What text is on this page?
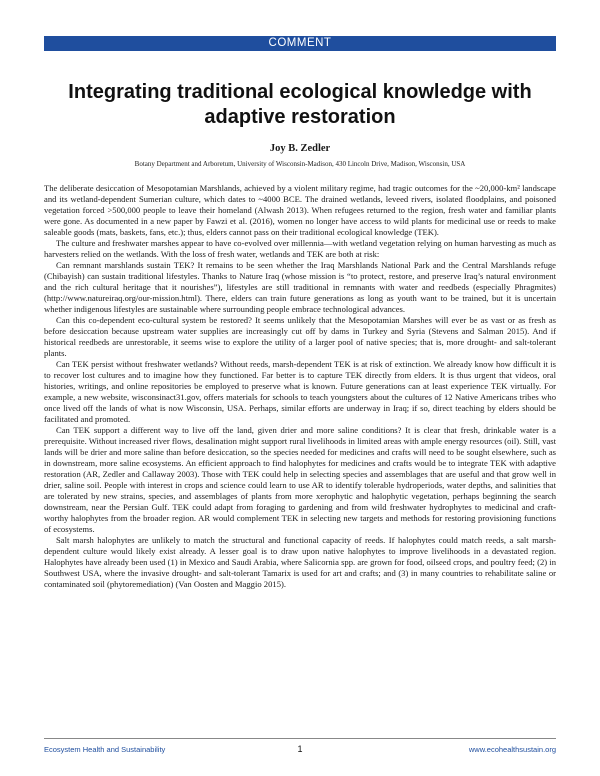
COMMENT
Integrating traditional ecological knowledge with adaptive restoration
Joy B. Zedler
Botany Department and Arboretum, University of Wisconsin-Madison, 430 Lincoln Drive, Madison, Wisconsin, USA

The deliberate desiccation of Mesopotamian Marshlands, achieved by a violent military regime, had tragic outcomes for the ~20,000-km² landscape and its wetland-dependent Sumerian culture, which dates to ~4000 BCE. The drained wetlands, leveed rivers, isolated floodplains, and poisoned vegetation forced >500,000 people to leave their homeland (Alwash 2013). When refugees returned to the region, fresh water and familiar plants were gone. As documented in a new paper by Fawzi et al. (2016), women no longer have access to wild plants for medicinal use or reeds to make saleable goods (mats, baskets, fans, etc.); thus, elders cannot pass on their traditional ecological knowledge (TEK).

The culture and freshwater marshes appear to have co-evolved over millennia—with wetland vegetation relying on human harvesting as much as harvesters relied on the wetlands. With the loss of fresh water, wetlands and TEK are both at risk:

Can remnant marshlands sustain TEK? It remains to be seen whether the Iraq Marshlands National Park and the Central Marshlands refuge (Chibayish) can sustain traditional lifestyles. Thanks to Nature Iraq (whose mission is “to protect, restore, and preserve Iraq’s natural environment and the rich cultural heritage that it nourishes”), lifestyles are still traditional in remnants with water and reedbeds (especially Phragmites) (http://www.natureiraq.org/our-mission.html). There, elders can train future generations as long as youth want to be trained, but it is uncertain whether indigenous lifestyles are sustainable where surrounding people embrace technological advances.

Can this co-dependent eco-cultural system be restored? It seems unlikely that the Mesopotamian Marshes will ever be as vast or as fresh as before desiccation because upstream water supplies are increasingly cut off by dams in Turkey and Syria (Stevens and Salman 2015). And if historical reedbeds are unrestorable, it seems wise to explore the utility of a larger pool of native species; that is, more drought- and salt-tolerant plants.

Can TEK persist without freshwater wetlands? Without reeds, marsh-dependent TEK is at risk of extinction. We already know how difficult it is to recover lost cultures and to imagine how they functioned. Far better is to capture TEK directly from elders. It is thus urgent that videos, oral histories, writings, and online repositories be employed to preserve what is known. Future generations can at least experience TEK virtually. For example, a new website, wisconsinact31.gov, offers materials for schools to teach youngsters about the cultures of 12 Native Americans tribes who once lived off the lands of what is now Wisconsin, USA. Perhaps, similar efforts are underway in Iraq; if so, direct teaching by elders should be facilitated and promoted.

Can TEK support a different way to live off the land, given drier and more saline conditions? It is clear that fresh, drinkable water is a prerequisite. Without increased river flows, desalination might support rural livelihoods in limited areas with ample energy resources (oil). Still, vast lands will be drier and more saline than before desiccation, so the species needed for medicines and crafts will need to be sought elsewhere, such as in downstream, more saline ecosystems. An efficient approach to find halophytes for medicines and crafts would be to integrate TEK with adaptive restoration (AR, Zedler and Callaway 2003). Those with TEK could help in selecting species and assemblages that are useful and that grow well in drier, saline soil. People with interest in crops and science could learn to use AR to identify tolerable hydroperiods, water depths, and salinities that are tolerated by new strains, species, and assemblages of plants from more xerophytic and halophytic vegetation, perhaps beginning the search downstream, near the Persian Gulf. TEK could adapt from foraging to gardening and from wild freshwater hydrophytes to medicinal and craft-worthy halophytes from the broader region. AR would complement TEK in selecting new targets and methods for restoring provisioning functions of ecosystems.

Salt marsh halophytes are unlikely to match the structural and functional capacity of reeds. If halophytes could match reeds, a salt marsh-dependent culture would likely exist already. A lesser goal is to draw upon native halophytes to improve livelihoods in a devastated region. Halophytes have already been used (1) in Mexico and Saudi Arabia, where Salicornia spp. are grown for food, oilseed crops, and poultry feed; (2) in Southwest USA, where the invasive drought- and salt-tolerant Tamarix is used for art and crafts; and (3) in many countries to rehabilitate saline or contaminated soil (phytoremediation) (Van Oosten and Maggio 2015).

Ecosystem Health and Sustainability	1	www.ecohealthsustain.org
